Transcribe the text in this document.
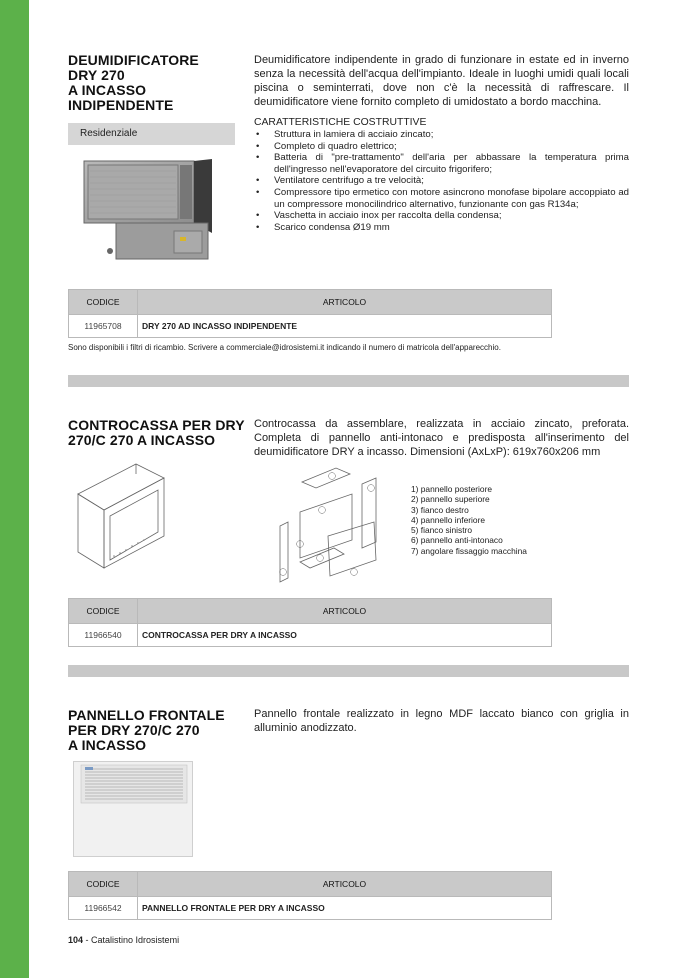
DEUMIDIFICATORE
DRY 270
A INCASSO
INDIPENDENTE
Deumidificatore indipendente in grado di funzionare in estate ed in inverno senza la necessità dell'acqua dell'impianto. Ideale in luoghi umidi quali locali piscina o seminterrati, dove non c'è la necessità di raffrescare. Il deumidificatore viene fornito completo di umidostato a bordo macchina.
Residenziale
CARATTERISTICHE COSTRUTTIVE
• Struttura in lamiera di acciaio zincato;
• Completo di quadro elettrico;
• Batteria di "pre-trattamento" dell'aria per abbassare la temperatura prima dell'ingresso nell'evaporatore del circuito frigorifero;
• Ventilatore centrifugo a tre velocità;
• Compressore tipo ermetico con motore asincrono monofase bipolare accoppiato ad un compressore monocilindrico alternativo, funzionante con gas R134a;
• Vaschetta in acciaio inox per raccolta della condensa;
• Scarico condensa Ø19 mm
CODICE	ARTICOLO
11965708	DRY 270 AD INCASSO INDIPENDENTE
Sono disponibili i filtri di ricambio. Scrivere a commerciale@idrosistemi.it indicando il numero di matricola dell'apparecchio.
CONTROCASSA PER DRY
270/C 270 A INCASSO
Controcassa da assemblare, realizzata in acciaio zincato, preforata. Completa di pannello anti-intonaco e predisposta all'inserimento del deumidificatore DRY a incasso. Dimensioni (AxLxP): 619x760x206 mm
1) pannello posteriore
2) pannello superiore
3) fianco destro
4) pannello inferiore
5) fianco sinistro
6) pannello anti-intonaco
7) angolare fissaggio macchina
CODICE	ARTICOLO
11966540	CONTROCASSA PER DRY A INCASSO
PANNELLO FRONTALE
PER DRY 270/C 270
A INCASSO
Pannello frontale realizzato in legno MDF laccato bianco con griglia in alluminio anodizzato.
CODICE	ARTICOLO
11966542	PANNELLO FRONTALE PER DRY A INCASSO
104 - Catalistino Idrosistemi
